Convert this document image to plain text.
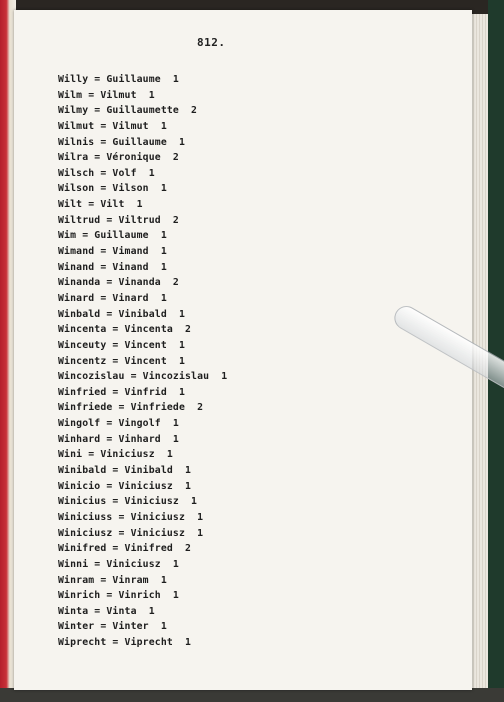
812.
Willy = Guillaume  1
Wilm = Vilmut  1
Wilmy = Guillaumette  2
Wilmut = Vilmut  1
Wilnis = Guillaume  1
Wilra = Véronique  2
Wilsch = Volf  1
Wilson = Vilson  1
Wilt = Vilt  1
Wiltrud = Viltrud  2
Wim = Guillaume  1
Wimand = Vimand  1
Winand = Vinand  1
Winanda = Vinanda  2
Winard = Vinard  1
Winbald = Vinibald  1
Wincenta = Vincenta  2
Winceuty = Vincent  1
Wincentz = Vincent  1
Wincozislau = Vincozislau  1
Winfried = Vinfrid  1
Winfriede = Vinfriede  2
Wingolf = Vingolf  1
Winhard = Vinhard  1
Wini = Viniciusz  1
Winibald = Vinibald  1
Winicio = Viniciusz  1
Winicius = Viniciusz  1
Winiciuss = Viniciusz  1
Winiciusz = Viniciusz  1
Winifred = Vinifred  2
Winni = Viniciusz  1
Winram = Vinram  1
Winrich = Vinrich  1
Winta = Vinta  1
Winter = Vinter  1
Wiprecht = Viprecht  1
